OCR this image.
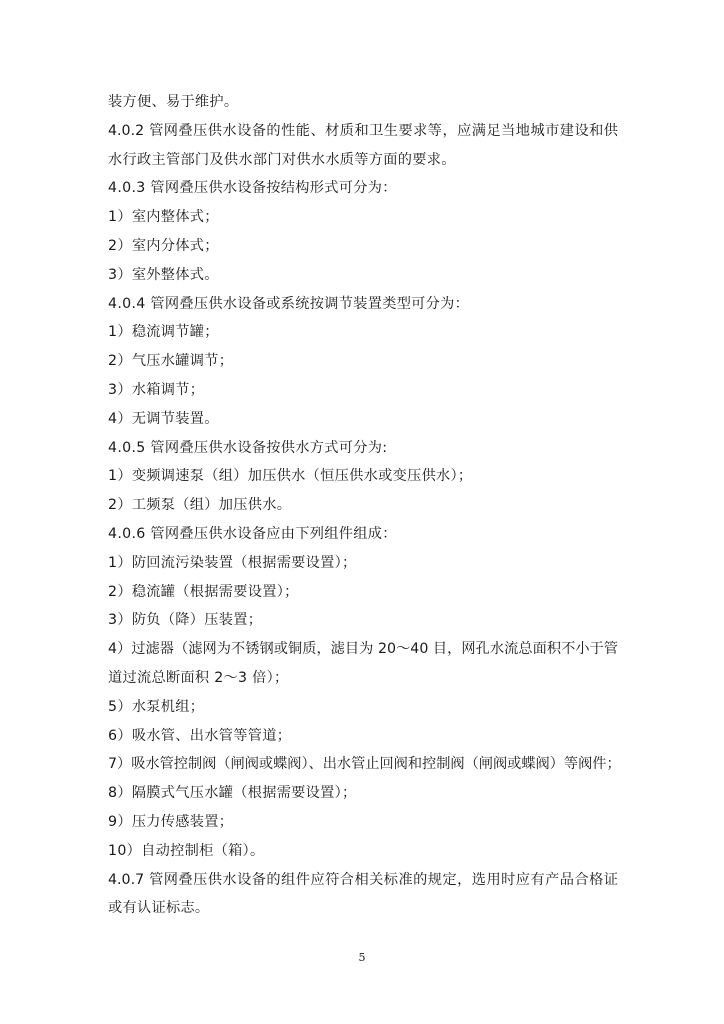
装方便、易于维护。
4.0.2 管网叠压供水设备的性能、材质和卫生要求等，应满足当地城市建设和供
水行政主管部门及供水部门对供水水质等方面的要求。
4.0.3 管网叠压供水设备按结构形式可分为：
1）室内整体式；
2）室内分体式；
3）室外整体式。
4.0.4 管网叠压供水设备或系统按调节装置类型可分为：
1）稳流调节罐；
2）气压水罐调节；
3）水箱调节；
4）无调节装置。
4.0.5 管网叠压供水设备按供水方式可分为:
1）变频调速泵（组）加压供水（恒压供水或变压供水）；
2）工频泵（组）加压供水。
4.0.6 管网叠压供水设备应由下列组件组成：
1）防回流污染装置（根据需要设置）；
2）稳流罐（根据需要设置）；
3）防负（降）压装置；
4）过滤器（滤网为不锈钢或铜质，滤目为 20～40 目，网孔水流总面积不小于管
道过流总断面积 2～3 倍）；
5）水泵机组；
6）吸水管、出水管等管道；
7）吸水管控制阀（闸阀或蝶阀）、出水管止回阀和控制阀（闸阀或蝶阀）等阀件；
8）隔膜式气压水罐（根据需要设置）；
9）压力传感装置；
10）自动控制柜（箱）。
4.0.7 管网叠压供水设备的组件应符合相关标准的规定，选用时应有产品合格证
或有认证标志。
5
